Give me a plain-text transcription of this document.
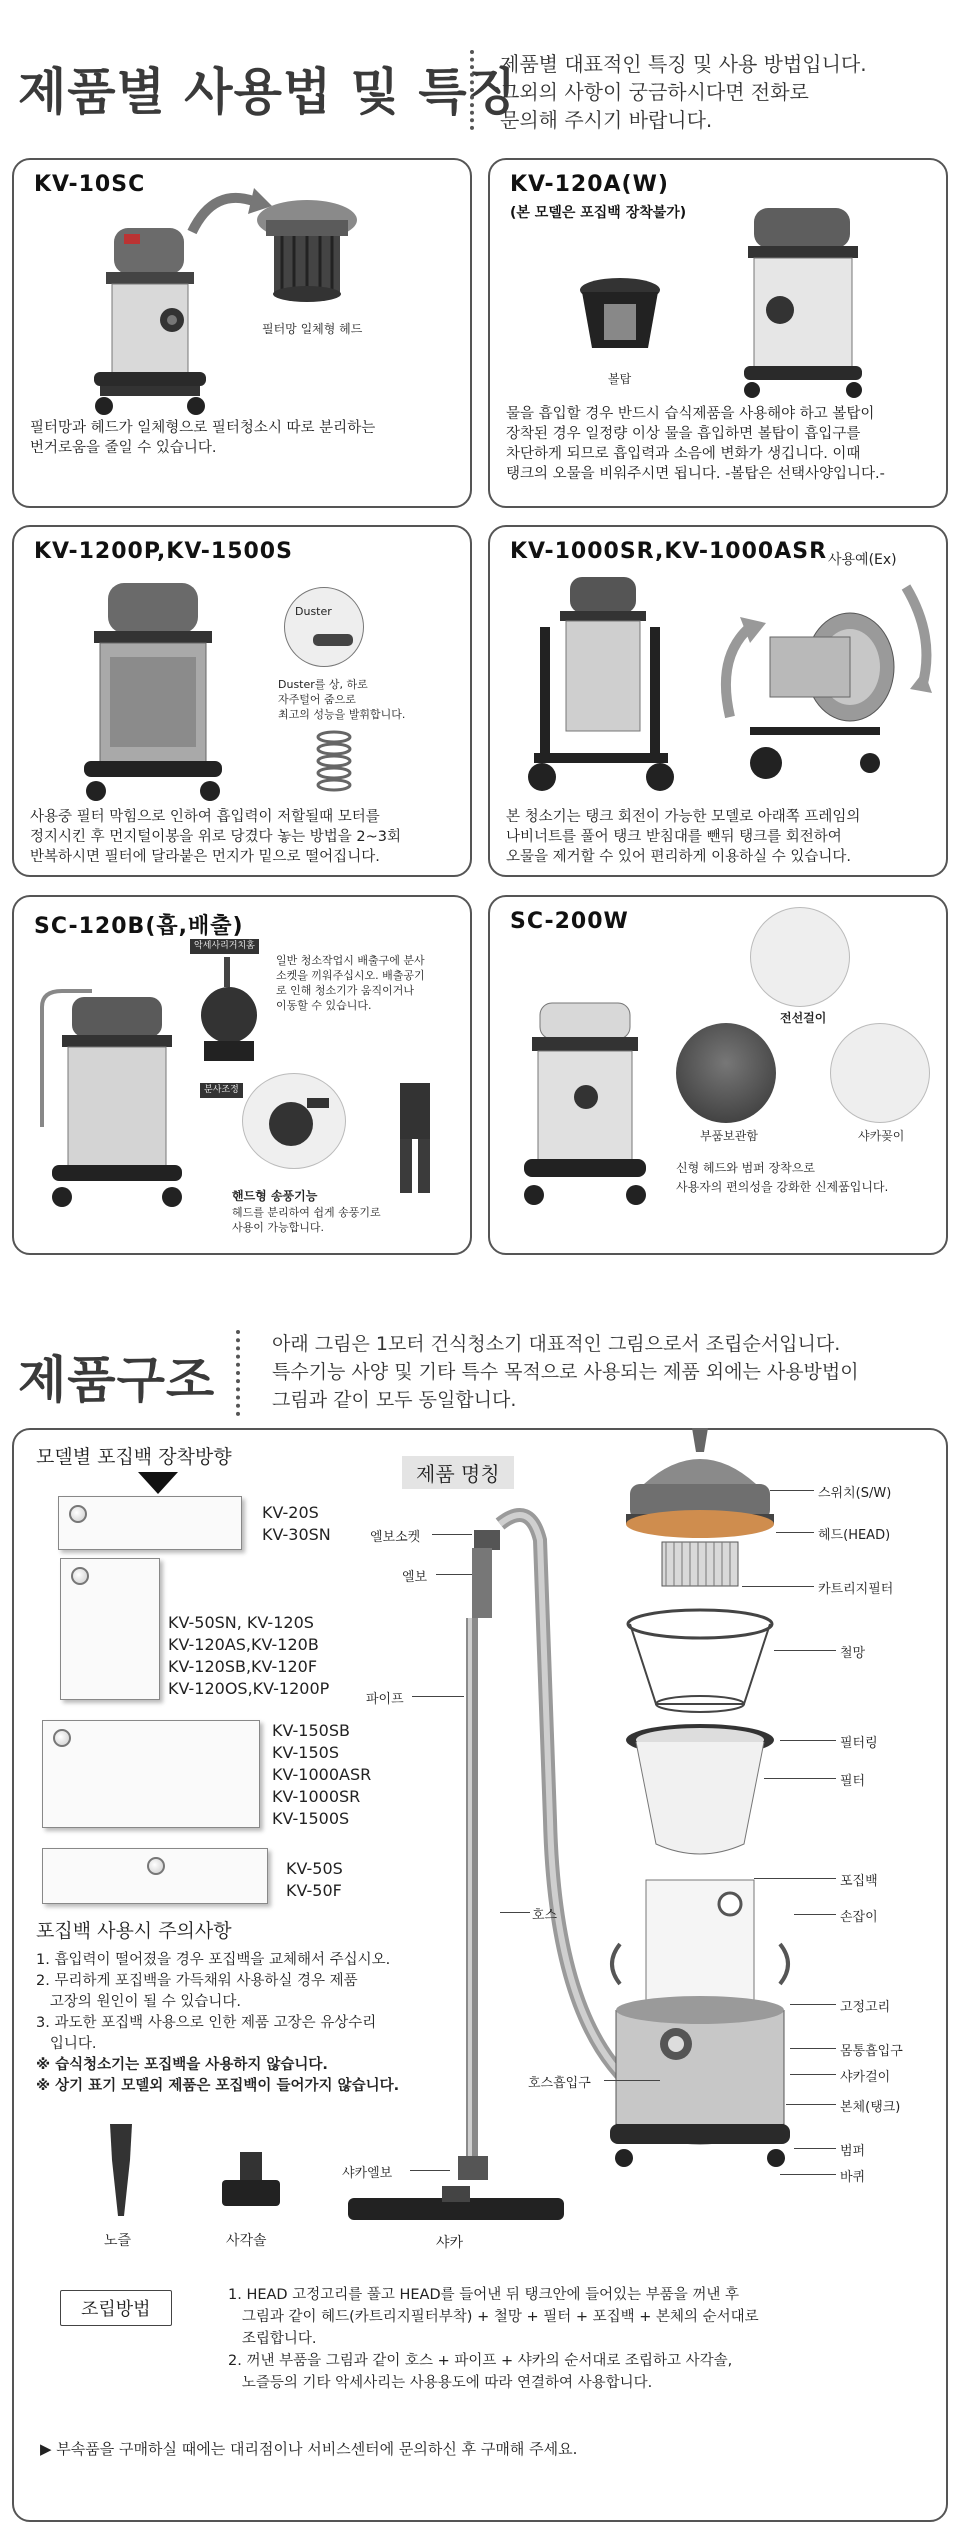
제품별 사용법 및 특징
제품별 대표적인 특징 및 사용 방법입니다.
그외의 사항이 궁금하시다면 전화로
문의해 주시기 바랍니다.
KV-10SC
필터망 일체형 헤드
필터망과 헤드가 일체형으로 필터청소시 따로 분리하는
번거로움을 줄일 수 있습니다.
KV-120A(W)
(본 모델은 포집백 장착불가)
볼탑
물을 흡입할 경우 반드시 습식제품을 사용해야 하고 볼탑이
장착된 경우 일정량 이상 물을 흡입하면 볼탑이 흡입구를
차단하게 되므로 흡입력과 소음에 변화가 생깁니다. 이때
탱크의 오물을 비워주시면 됩니다. -볼탑은 선택사양입니다.-
KV-1200P,KV-1500S
Duster
Duster를 상, 하로
자주털어 줌으로
최고의 성능을 발휘합니다.
사용중 필터 막힘으로 인하여 흡입력이 저할될때 모터를
정지시킨 후 먼지털이봉을 위로 당겼다 놓는 방법을 2~3회
반복하시면 필터에 달라붙은 먼지가 밑으로 떨어집니다.
KV-1000SR,KV-1000ASR 사용예(Ex)
본 청소기는 탱크 회전이 가능한 모델로 아래쪽 프레임의
나비너트를 풀어 탱크 받침대를 뺀뒤 탱크를 회전하여
오물을 제거할 수 있어 편리하게 이용하실 수 있습니다.
SC-120B(흡,배출)
악세사리거치홈
분사조정
일반 청소작업시 배출구에 분사
소켓을 끼워주십시오. 배출공기
로 인해 청소기가 움직이거나
이동할 수 있습니다.
핸드형 송풍기능
헤드를 분리하여 쉽게 송풍기로
사용이 가능합니다.
SC-200W
전선걸이
부품보관함	샤카꽂이
신형 헤드와 범퍼 장착으로
사용자의 편의성을 강화한 신제품입니다.
제품구조
아래 그림은 1모터 건식청소기 대표적인 그림으로서 조립순서입니다.
특수기능 사양 및 기타 특수 목적으로 사용되는 제품 외에는 사용방법이
그림과 같이 모두 동일합니다.
모델별 포집백 장착방향
제품 명칭
KV-20S
KV-30SN
KV-50SN, KV-120S
KV-120AS,KV-120B
KV-120SB,KV-120F
KV-120OS,KV-1200P
KV-150SB
KV-150S
KV-1000ASR
KV-1000SR
KV-1500S
KV-50S
KV-50F
포집백 사용시 주의사항
1. 흡입력이 떨어졌을 경우 포집백을 교체해서 주십시오.
2. 무리하게 포집백을 가득채워 사용하실 경우 제품
고장의 원인이 될 수 있습니다.
3. 과도한 포집백 사용으로 인한 제품 고장은 유상수리
입니다.
※ 습식청소기는 포집백을 사용하지 않습니다.
※ 상기 표기 모델외 제품은 포집백이 들어가지 않습니다.
노즐	사각솔	샤카
엘보소켓
엘보
파이프
호스
호스흡입구
샤카엘보
스위치(S/W)
헤드(HEAD)
카트리지필터
철망
필터링
필터
포집백
손잡이
고정고리
몸통흡입구
샤카걸이
본체(탱크)
범퍼
바퀴
조립방법
1. HEAD 고정고리를 풀고 HEAD를 들어낸 뒤 탱크안에 들어있는 부품을 꺼낸 후
그림과 같이 헤드(카트리지필터부착) + 철망 + 필터 + 포집백 + 본체의 순서대로
조립합니다.
2. 꺼낸 부품을 그림과 같이 호스 + 파이프 + 샤카의 순서대로 조립하고 사각솔,
노즐등의 기타 악세사리는 사용용도에 따라 연결하여 사용합니다.
▶ 부속품을 구매하실 때에는 대리점이나 서비스센터에 문의하신 후 구매해 주세요.
